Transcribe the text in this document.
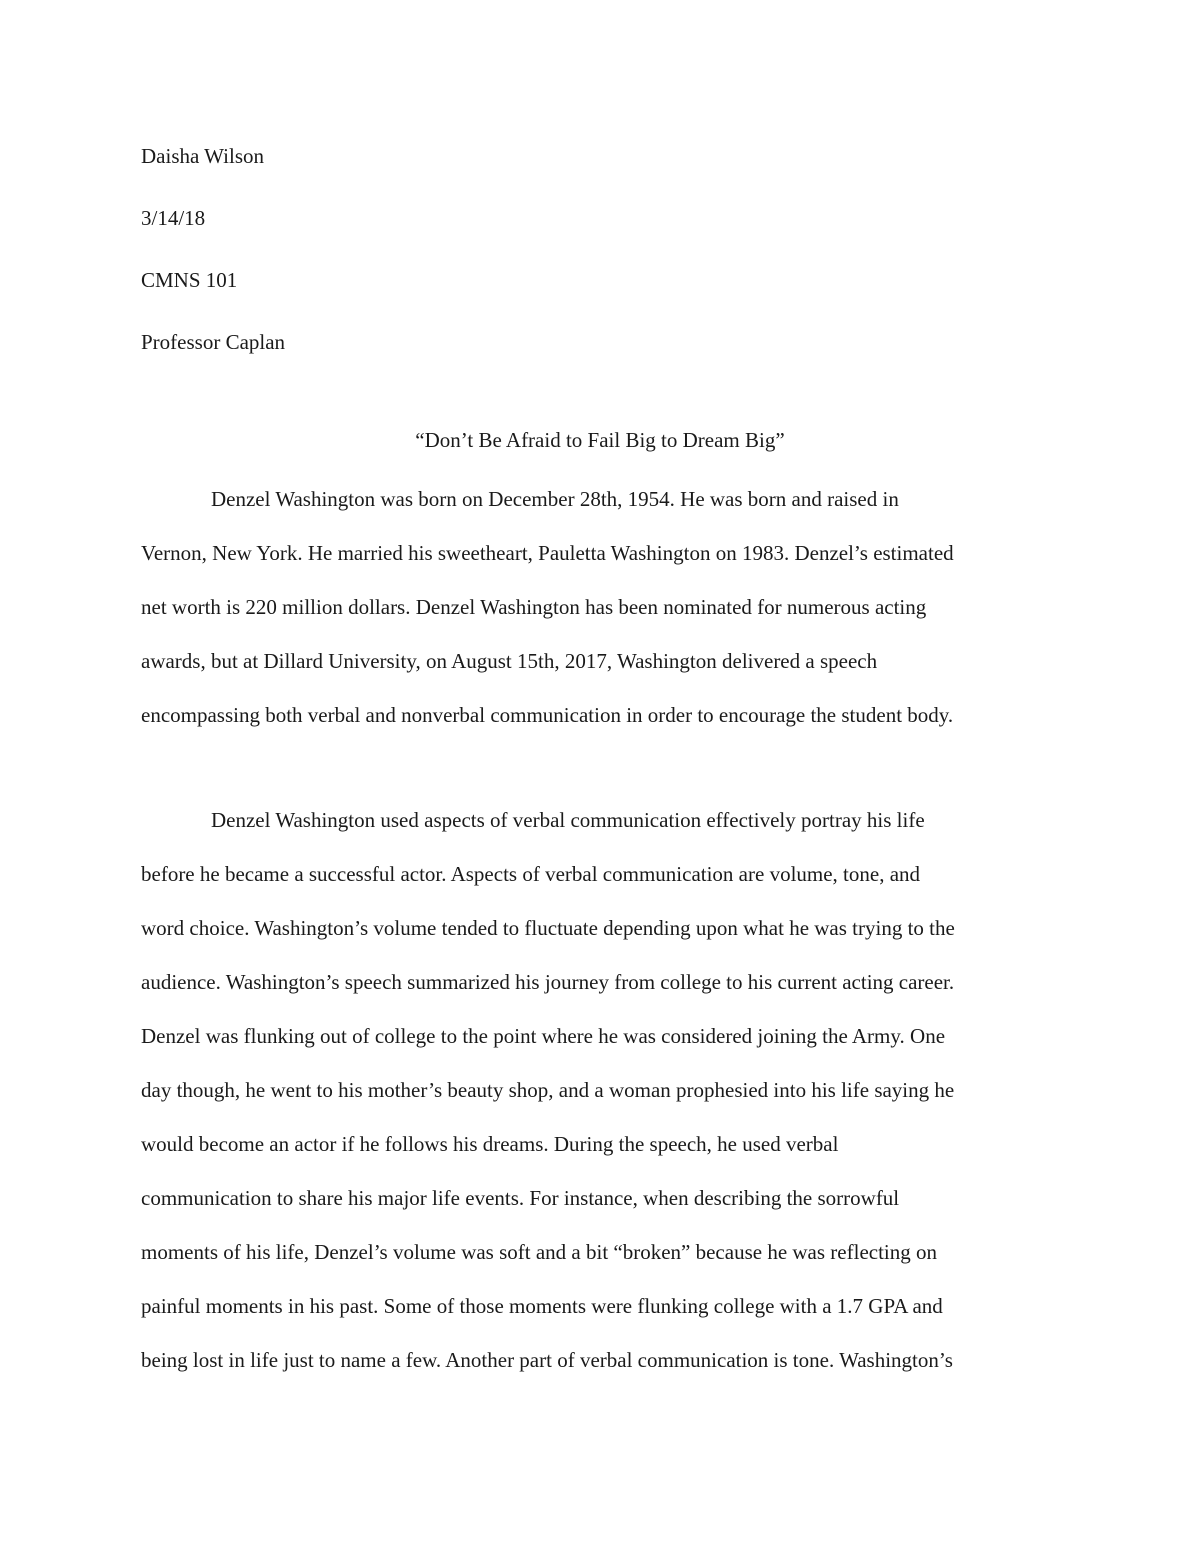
Daisha Wilson
3/14/18
CMNS 101
Professor Caplan
“Don’t Be Afraid to Fail Big to Dream Big”
Denzel Washington was born on December 28th, 1954. He was born and raised in
Vernon, New York. He married his sweetheart, Pauletta Washington on 1983. Denzel’s estimated
net worth is 220 million dollars. Denzel Washington has been nominated for numerous acting
awards, but at Dillard University, on August 15th, 2017, Washington delivered a speech
encompassing both verbal and nonverbal communication in order to encourage the student body.
Denzel Washington used aspects of verbal communication effectively portray his life
before he became a successful actor. Aspects of verbal communication are volume, tone, and
word choice. Washington’s volume tended to fluctuate depending upon what he was trying to the
audience. Washington’s speech summarized his journey from college to his current acting career.
Denzel was flunking out of college to the point where he was considered joining the Army. One
day though, he went to his mother’s beauty shop, and a woman prophesied into his life saying he
would become an actor if he follows his dreams. During the speech, he used verbal
communication to share his major life events. For instance, when describing the sorrowful
moments of his life, Denzel’s volume was soft and a bit “broken” because he was reflecting on
painful moments in his past. Some of those moments were flunking college with a 1.7 GPA and
being lost in life just to name a few. Another part of verbal communication is tone. Washington’s
